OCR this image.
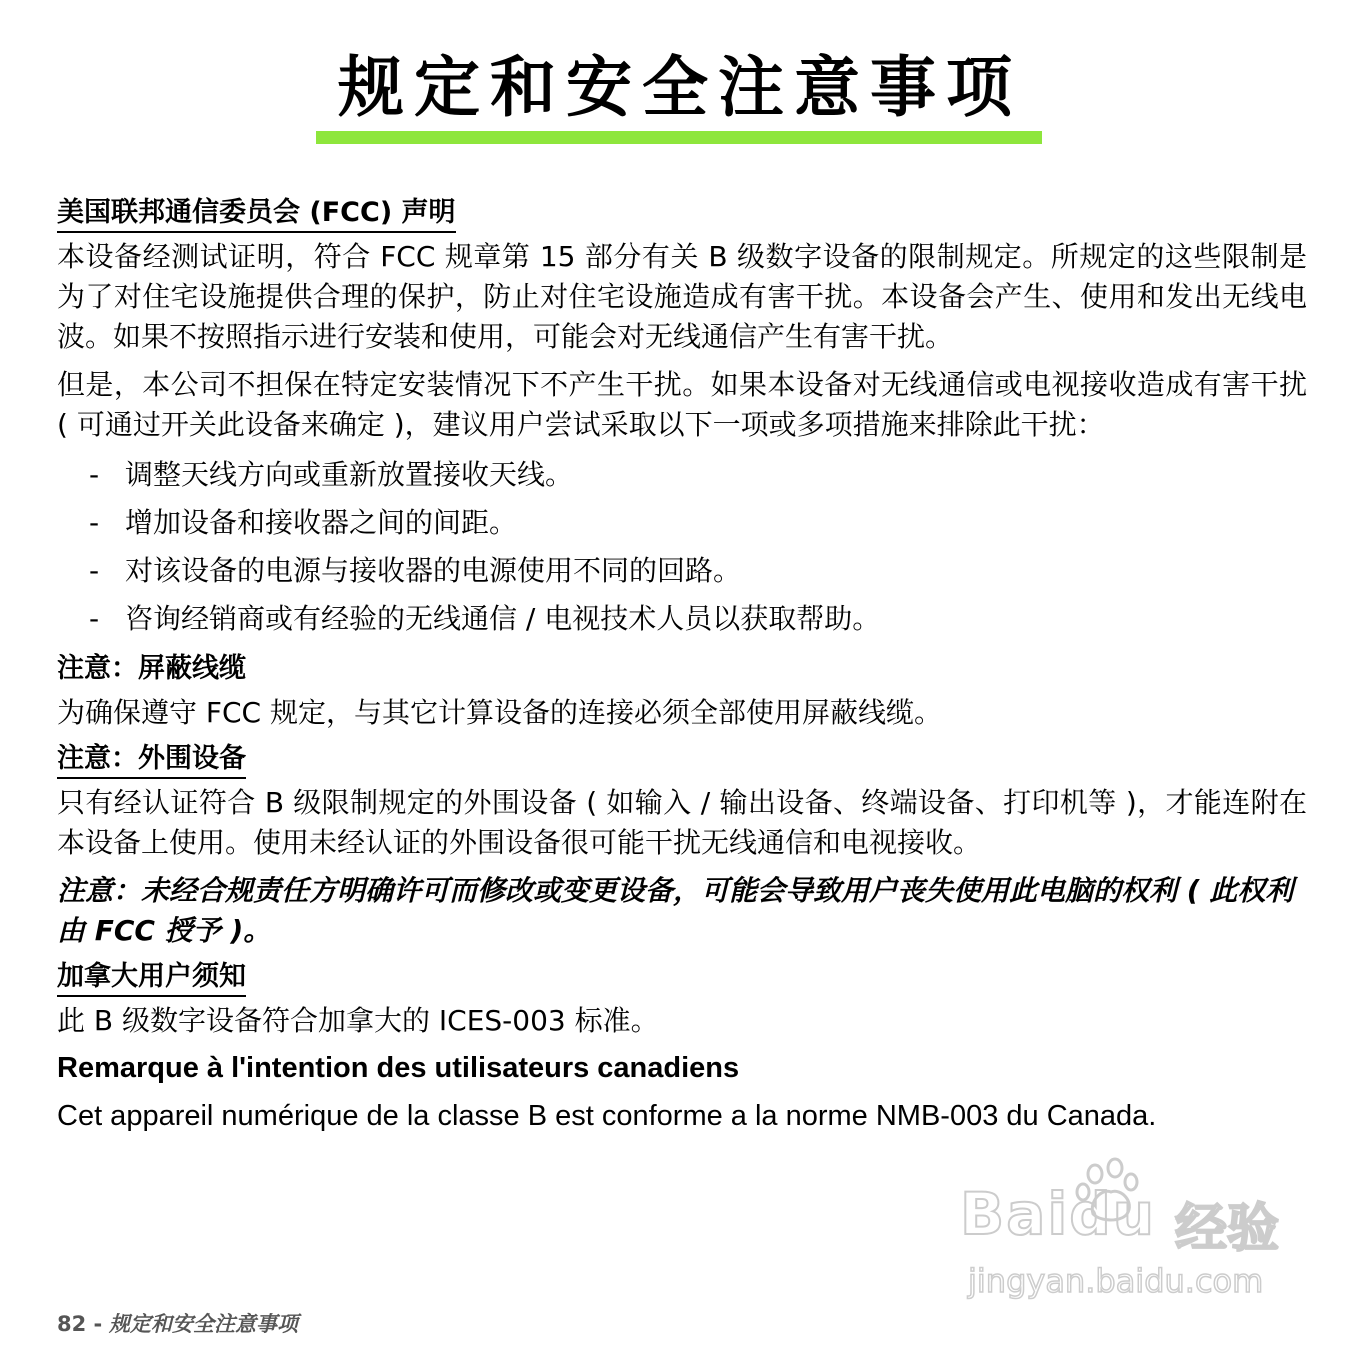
规定和安全注意事项
美国联邦通信委员会 (FCC) 声明

本设备经测试证明，符合 FCC 规章第 15 部分有关 B 级数字设备的限制规定。所规定的这些限制是为了对住宅设施提供合理的保护，防止对住宅设施造成有害干扰。本设备会产生、使用和发出无线电波。如果不按照指示进行安装和使用，可能会对无线通信产生有害干扰。

但是，本公司不担保在特定安装情况下不产生干扰。如果本设备对无线通信或电视接收造成有害干扰 ( 可通过开关此设备来确定 )，建议用户尝试采取以下一项或多项措施来排除此干扰：

- 调整天线方向或重新放置接收天线。
- 增加设备和接收器之间的间距。
- 对该设备的电源与接收器的电源使用不同的回路。
- 咨询经销商或有经验的无线通信 / 电视技术人员以获取帮助。
注意：屏蔽线缆

为确保遵守 FCC 规定，与其它计算设备的连接必须全部使用屏蔽线缆。

注意：外围设备

只有经认证符合 B 级限制规定的外围设备 ( 如输入 / 输出设备、终端设备、打印机等 )，才能连附在本设备上使用。使用未经认证的外围设备很可能干扰无线通信和电视接收。

注意：未经合规责任方明确许可而修改或变更设备，可能会导致用户丧失使用此电脑的权利 ( 此权利由 FCC 授予 )。

加拿大用户须知

此 B 级数字设备符合加拿大的 ICES-003 标准。

Remarque à l'intention des utilisateurs canadiens

Cet appareil numérique de la classe B est conforme a la norme NMB-003 du Canada.

82 - 规定和安全注意事项
Baidu 经验
jingyan.baidu.com
